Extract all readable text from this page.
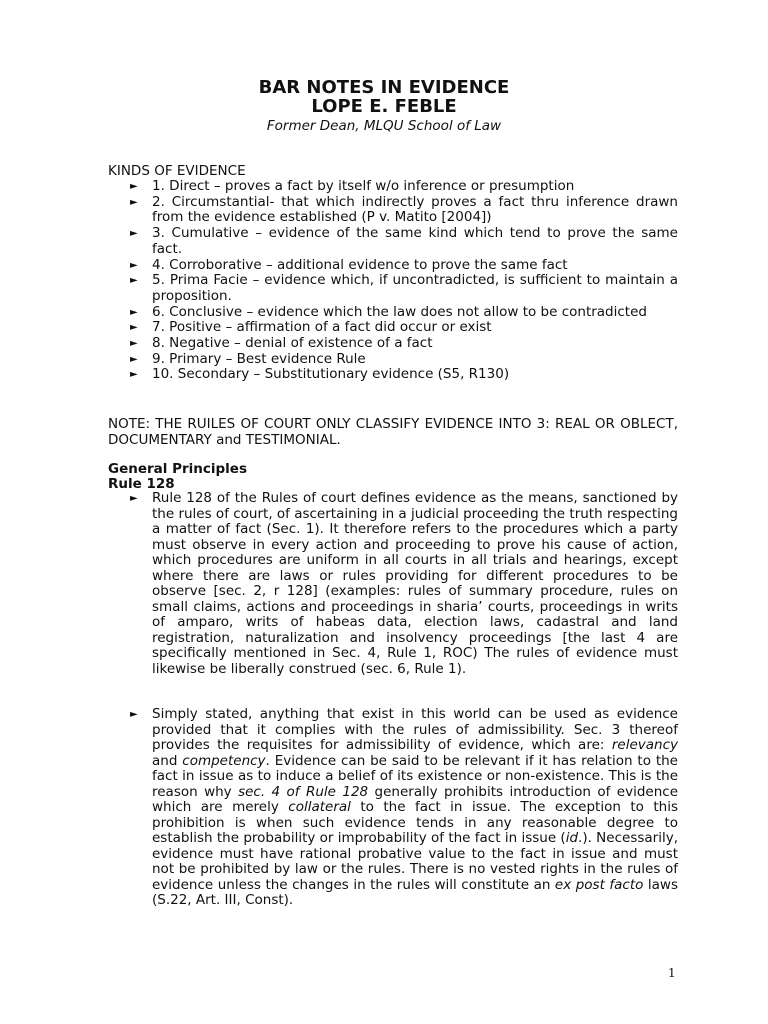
BAR NOTES IN EVIDENCE
LOPE E. FEBLE
Former Dean, MLQU School of Law
KINDS OF EVIDENCE
► 1. Direct – proves a fact by itself w/o inference or presumption
► 2. Circumstantial- that which indirectly proves a fact thru inference drawn from the evidence established (P v. Matito [2004])
► 3. Cumulative – evidence of the same kind which tend to prove the same fact.
► 4. Corroborative – additional evidence to prove the same fact
► 5. Prima Facie – evidence which, if uncontradicted, is sufficient to maintain a proposition.
► 6. Conclusive – evidence which the law does not allow to be contradicted
► 7. Positive – affirmation of a fact did occur or exist
► 8. Negative – denial of existence of a fact
► 9. Primary – Best evidence Rule
► 10. Secondary – Substitutionary evidence (S5, R130)
NOTE: THE RUILES OF COURT ONLY CLASSIFY EVIDENCE INTO 3: REAL OR OBLECT, DOCUMENTARY and TESTIMONIAL.
General Principles
Rule 128
► Rule 128 of the Rules of court defines evidence as the means, sanctioned by the rules of court, of ascertaining in a judicial proceeding the truth respecting a matter of fact (Sec. 1). It therefore refers to the procedures which a party must observe in every action and proceeding to prove his cause of action, which procedures are uniform in all courts in all trials and hearings, except where there are laws or rules providing for different procedures to be observe [sec. 2, r 128] (examples: rules of summary procedure, rules on small claims, actions and proceedings in sharia’ courts, proceedings in writs of amparo, writs of habeas data, election laws, cadastral and land registration, naturalization and insolvency proceedings [the last 4 are specifically mentioned in Sec. 4, Rule 1, ROC) The rules of evidence must likewise be liberally construed (sec. 6, Rule 1).
► Simply stated, anything that exist in this world can be used as evidence provided that it complies with the rules of admissibility. Sec. 3 thereof provides the requisites for admissibility of evidence, which are: relevancy and competency. Evidence can be said to be relevant if it has relation to the fact in issue as to induce a belief of its existence or non-existence. This is the reason why sec. 4 of Rule 128 generally prohibits introduction of evidence which are merely collateral to the fact in issue. The exception to this prohibition is when such evidence tends in any reasonable degree to establish the probability or improbability of the fact in issue (id.). Necessarily, evidence must have rational probative value to the fact in issue and must not be prohibited by law or the rules. There is no vested rights in the rules of evidence unless the changes in the rules will constitute an ex post facto laws (S.22, Art. III, Const).
1
